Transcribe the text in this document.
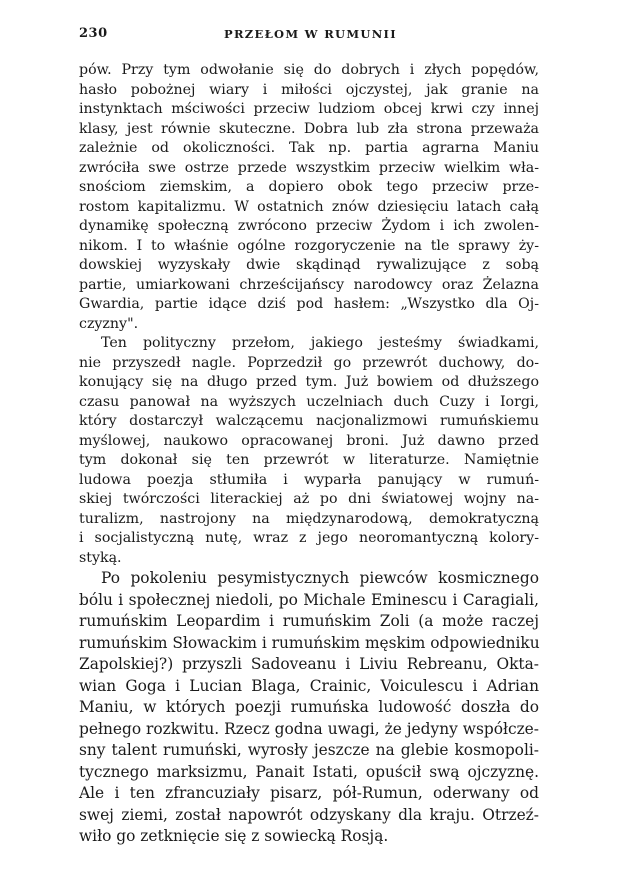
230	PRZEŁOM W RUMUNII
pów. Przy tym odwołanie się do dobrych i złych popędów,
hasło pobożnej wiary i miłości ojczystej, jak granie na
instynktach mściwości przeciw ludziom obcej krwi czy innej
klasy, jest równie skuteczne. Dobra lub zła strona przeważa
zależnie od okoliczności. Tak np. partia agrarna Maniu
zwróciła swe ostrze przede wszystkim przeciw wielkim wła-
snościom ziemskim, a dopiero obok tego przeciw prze-
rostom kapitalizmu. W ostatnich znów dziesięciu latach całą
dynamikę społeczną zwrócono przeciw Żydom i ich zwolen-
nikom. I to właśnie ogólne rozgoryczenie na tle sprawy ży-
dowskiej wyzyskały dwie skądinąd rywalizujące z sobą
partie, umiarkowani chrześcijańscy narodowcy oraz Żelazna
Gwardia, partie idące dziś pod hasłem: „Wszystko dla Oj-
czyzny".
Ten polityczny przełom, jakiego jesteśmy świadkami,
nie przyszedł nagle. Poprzedził go przewrót duchowy, do-
konujący się na długo przed tym. Już bowiem od dłuższego
czasu panował na wyższych uczelniach duch Cuzy i Iorgi,
który dostarczył walczącemu nacjonalizmowi rumuńskiemu
myślowej, naukowo opracowanej broni. Już dawno przed
tym dokonał się ten przewrót w literaturze. Namiętnie
ludowa poezja stłumiła i wyparła panujący w rumuń-
skiej twórczości literackiej aż po dni światowej wojny na-
turalizm, nastrojony na międzynarodową, demokratyczną
i socjalistyczną nutę, wraz z jego neoromantyczną kolory-
styką.
Po pokoleniu pesymistycznych piewców kosmicznego
bólu i społecznej niedoli, po Michale Eminescu i Caragiali,
rumuńskim Leopardim i rumuńskim Zoli (a może raczej
rumuńskim Słowackim i rumuńskim męskim odpowiedniku
Zapolskiej?) przyszli Sadoveanu i Liviu Rebreanu, Okta-
wian Goga i Lucian Blaga, Crainic, Voiculescu i Adrian
Maniu, w których poezji rumuńska ludowość doszła do
pełnego rozkwitu. Rzecz godna uwagi, że jedyny współcze-
sny talent rumuński, wyrosły jeszcze na glebie kosmopoli-
tycznego marksizmu, Panait Istati, opuścił swą ojczyznę.
Ale i ten zfrancuziały pisarz, pół-Rumun, oderwany od
swej ziemi, został napowrót odzyskany dla kraju. Otrzeź-
wiło go zetknięcie się z sowiecką Rosją.
